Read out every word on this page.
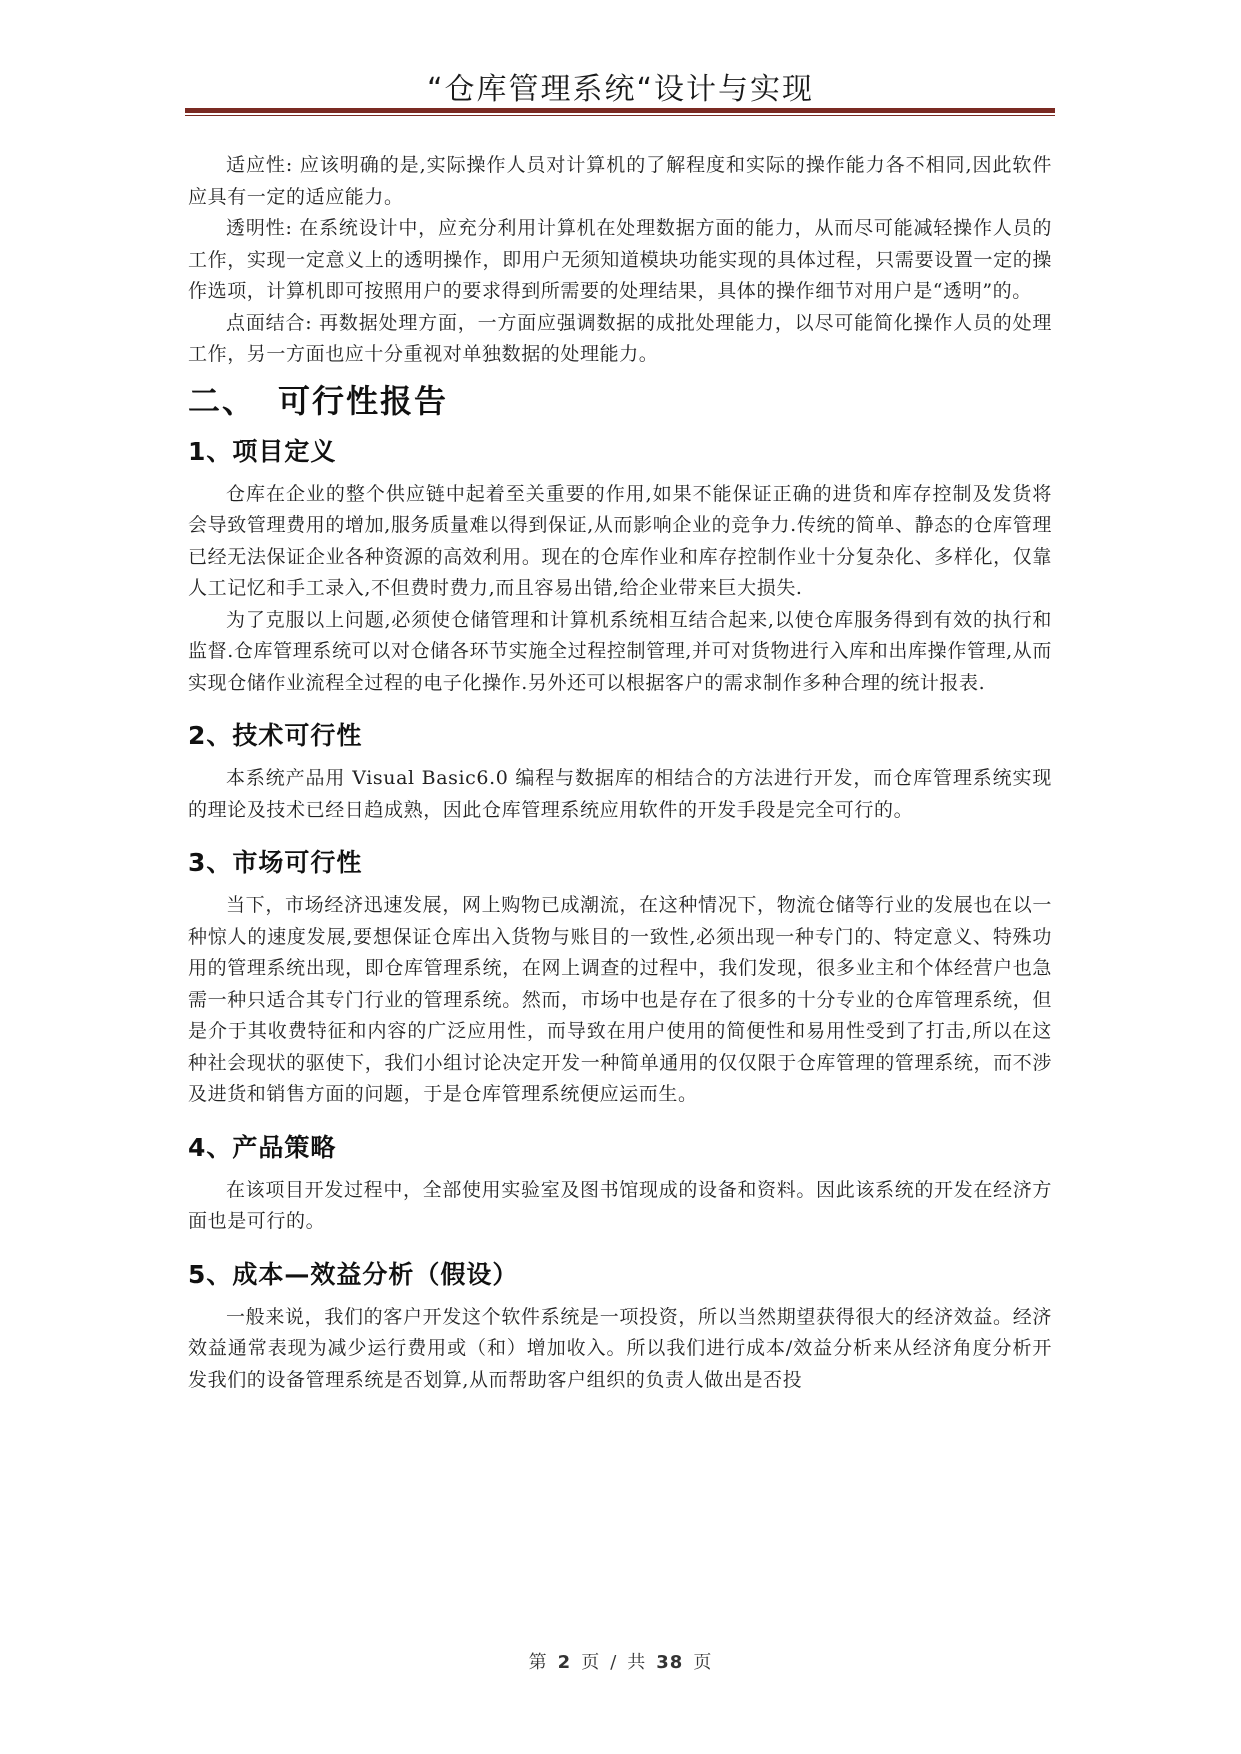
“仓库管理系统“设计与实现

适应性: 应该明确的是,实际操作人员对计算机的了解程度和实际的操作能力各不相同,因此软件应具有一定的适应能力。

透明性: 在系统设计中，应充分利用计算机在处理数据方面的能力，从而尽可能减轻操作人员的工作，实现一定意义上的透明操作，即用户无须知道模块功能实现的具体过程，只需要设置一定的操作选项，计算机即可按照用户的要求得到所需要的处理结果，具体的操作细节对用户是“透明”的。

点面结合: 再数据处理方面，一方面应强调数据的成批处理能力，以尽可能简化操作人员的处理工作，另一方面也应十分重视对单独数据的处理能力。

二、 可行性报告
1、项目定义

仓库在企业的整个供应链中起着至关重要的作用,如果不能保证正确的进货和库存控制及发货将会导致管理费用的增加,服务质量难以得到保证,从而影响企业的竞争力.传统的简单、静态的仓库管理已经无法保证企业各种资源的高效利用。现在的仓库作业和库存控制作业十分复杂化、多样化，仅靠人工记忆和手工录入,不但费时费力,而且容易出错,给企业带来巨大损失.

为了克服以上问题,必须使仓储管理和计算机系统相互结合起来,以使仓库服务得到有效的执行和监督.仓库管理系统可以对仓储各环节实施全过程控制管理,并可对货物进行入库和出库操作管理,从而实现仓储作业流程全过程的电子化操作.另外还可以根据客户的需求制作多种合理的统计报表.

2、技术可行性

本系统产品用 Visual Basic6.0 编程与数据库的相结合的方法进行开发，而仓库管理系统实现的理论及技术已经日趋成熟，因此仓库管理系统应用软件的开发手段是完全可行的。

3、市场可行性

当下，市场经济迅速发展，网上购物已成潮流，在这种情况下，物流仓储等行业的发展也在以一种惊人的速度发展,要想保证仓库出入货物与账目的一致性,必须出现一种专门的、特定意义、特殊功用的管理系统出现，即仓库管理系统，在网上调查的过程中，我们发现，很多业主和个体经营户也急需一种只适合其专门行业的管理系统。然而，市场中也是存在了很多的十分专业的仓库管理系统，但是介于其收费特征和内容的广泛应用性，而导致在用户使用的简便性和易用性受到了打击,所以在这种社会现状的驱使下，我们小组讨论决定开发一种简单通用的仅仅限于仓库管理的管理系统，而不涉及进货和销售方面的问题，于是仓库管理系统便应运而生。

4、产品策略

在该项目开发过程中，全部使用实验室及图书馆现成的设备和资料。因此该系统的开发在经济方面也是可行的。

5、成本—效益分析（假设）

一般来说，我们的客户开发这个软件系统是一项投资，所以当然期望获得很大的经济效益。经济效益通常表现为减少运行费用或（和）增加收入。所以我们进行成本/效益分析来从经济角度分析开发我们的设备管理系统是否划算,从而帮助客户组织的负责人做出是否投

第 2 页 / 共 38 页
